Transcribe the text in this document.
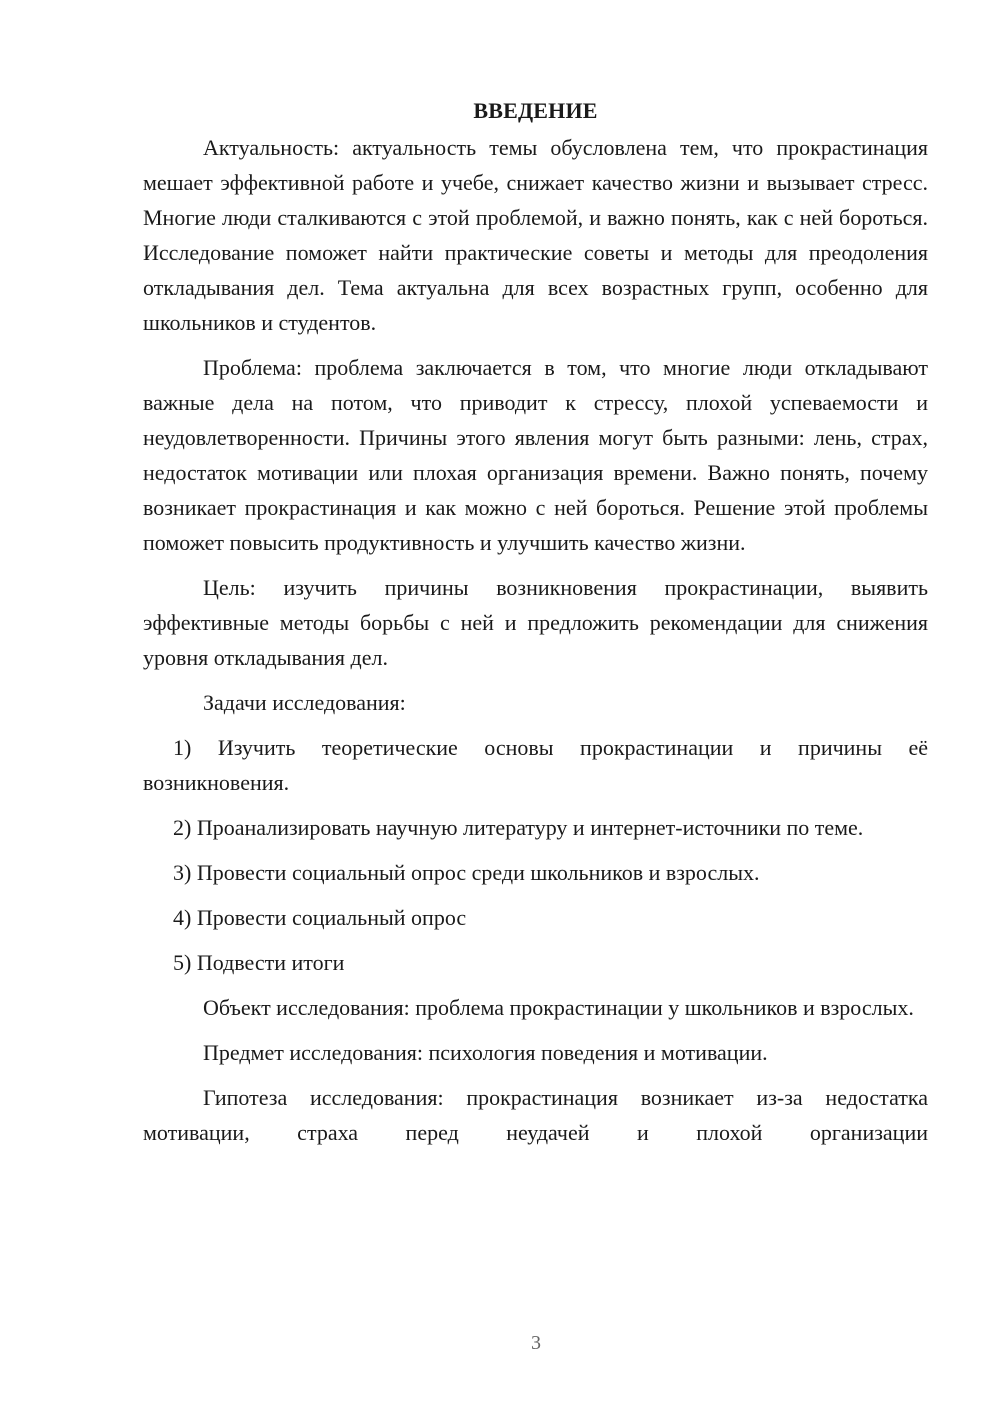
ВВЕДЕНИЕ

Актуальность: актуальность темы обусловлена тем, что прокрастинация мешает эффективной работе и учебе, снижает качество жизни и вызывает стресс. Многие люди сталкиваются с этой проблемой, и важно понять, как с ней бороться. Исследование поможет найти практические советы и методы для преодоления откладывания дел. Тема актуальна для всех возрастных групп, особенно для школьников и студентов.

Проблема: проблема заключается в том, что многие люди откладывают важные дела на потом, что приводит к стрессу, плохой успеваемости и неудовлетворенности. Причины этого явления могут быть разными: лень, страх, недостаток мотивации или плохая организация времени. Важно понять, почему возникает прокрастинация и как можно с ней бороться. Решение этой проблемы поможет повысить продуктивность и улучшить качество жизни.

Цель: изучить причины возникновения прокрастинации, выявить эффективные методы борьбы с ней и предложить рекомендации для снижения уровня откладывания дел.

Задачи исследования:

1) Изучить теоретические основы прокрастинации и причины её возникновения.

2) Проанализировать научную литературу и интернет-источники по теме.

3) Провести социальный опрос среди школьников и взрослых.

4) Провести социальный опрос

5) Подвести итоги

Объект исследования: проблема прокрастинации у школьников и взрослых.

Предмет исследования: психология поведения и мотивации.

Гипотеза исследования: прокрастинация возникает из-за недостатка мотивации, страха перед неудачей и плохой организации

3
